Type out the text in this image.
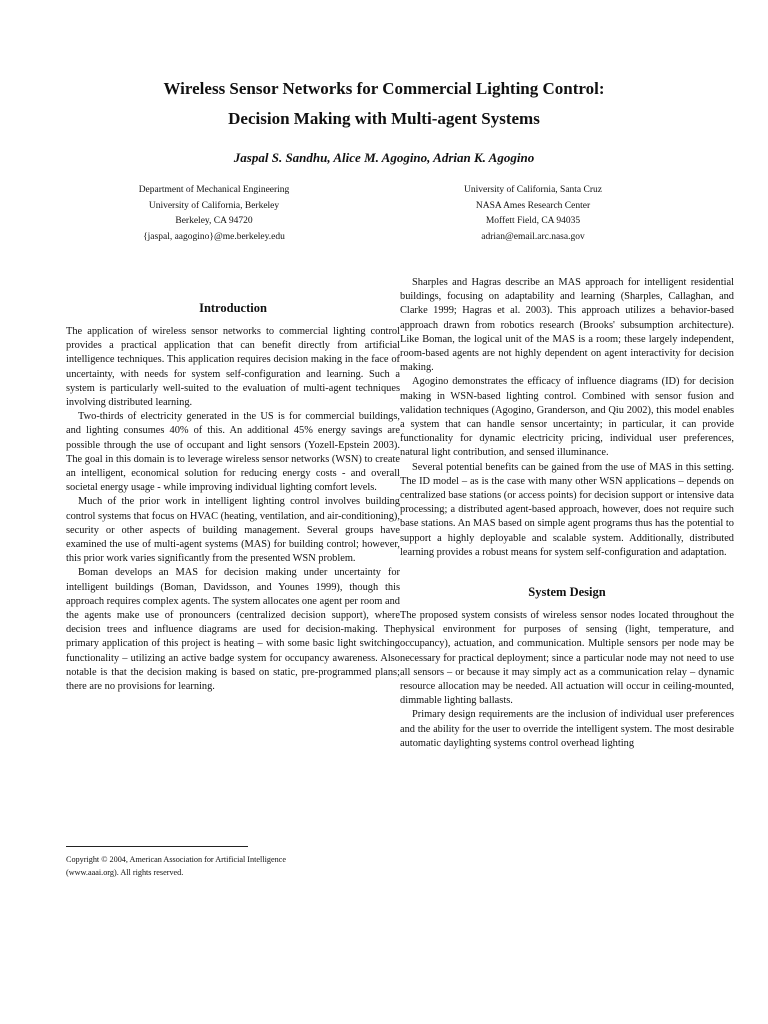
Wireless Sensor Networks for Commercial Lighting Control:
Decision Making with Multi-agent Systems
Jaspal S. Sandhu, Alice M. Agogino, Adrian K. Agogino
Department of Mechanical Engineering
University of California, Berkeley
Berkeley, CA 94720
{jaspal, aagogino}@me.berkeley.edu
University of California, Santa Cruz
NASA Ames Research Center
Moffett Field, CA 94035
adrian@email.arc.nasa.gov
Introduction

The application of wireless sensor networks to commercial lighting control provides a practical application that can benefit directly from artificial intelligence techniques. This application requires decision making in the face of uncertainty, with needs for system self-configuration and learning. Such a system is particularly well-suited to the evaluation of multi-agent techniques involving distributed learning.

Two-thirds of electricity generated in the US is for commercial buildings, and lighting consumes 40% of this. An additional 45% energy savings are possible through the use of occupant and light sensors (Yozell-Epstein 2003). The goal in this domain is to leverage wireless sensor networks (WSN) to create an intelligent, economical solution for reducing energy costs - and overall societal energy usage - while improving individual lighting comfort levels.

Much of the prior work in intelligent lighting control involves building control systems that focus on HVAC (heating, ventilation, and air-conditioning), security or other aspects of building management. Several groups have examined the use of multi-agent systems (MAS) for building control; however, this prior work varies significantly from the presented WSN problem.

Boman develops an MAS for decision making under uncertainty for intelligent buildings (Boman, Davidsson, and Younes 1999), though this approach requires complex agents. The system allocates one agent per room and the agents make use of pronouncers (centralized decision support), where decision trees and influence diagrams are used for decision-making. The primary application of this project is heating – with some basic light switching functionality – utilizing an active badge system for occupancy awareness. Also notable is that the decision making is based on static, pre-programmed plans; there are no provisions for learning.

Copyright © 2004, American Association for Artificial Intelligence
(www.aaai.org). All rights reserved.

Sharples and Hagras describe an MAS approach for intelligent residential buildings, focusing on adaptability and learning (Sharples, Callaghan, and Clarke 1999; Hagras et al. 2003). This approach utilizes a behavior-based approach drawn from robotics research (Brooks' subsumption architecture). Like Boman, the logical unit of the MAS is a room; these largely independent, room-based agents are not highly dependent on agent interactivity for decision making.

Agogino demonstrates the efficacy of influence diagrams (ID) for decision making in WSN-based lighting control. Combined with sensor fusion and validation techniques (Agogino, Granderson, and Qiu 2002), this model enables a system that can handle sensor uncertainty; in particular, it can provide functionality for dynamic electricity pricing, individual user preferences, natural light contribution, and sensed illuminance.

Several potential benefits can be gained from the use of MAS in this setting. The ID model – as is the case with many other WSN applications – depends on centralized base stations (or access points) for decision support or intensive data processing; a distributed agent-based approach, however, does not require such base stations. An MAS based on simple agent programs thus has the potential to support a highly deployable and scalable system. Additionally, distributed learning provides a robust means for system self-configuration and adaptation.

System Design

The proposed system consists of wireless sensor nodes located throughout the physical environment for purposes of sensing (light, temperature, and occupancy), actuation, and communication. Multiple sensors per node may be necessary for practical deployment; since a particular node may not need to use all sensors – or because it may simply act as a communication relay – dynamic resource allocation may be needed. All actuation will occur in ceiling-mounted, dimmable lighting ballasts.

Primary design requirements are the inclusion of individual user preferences and the ability for the user to override the intelligent system. The most desirable automatic daylighting systems control overhead lighting
